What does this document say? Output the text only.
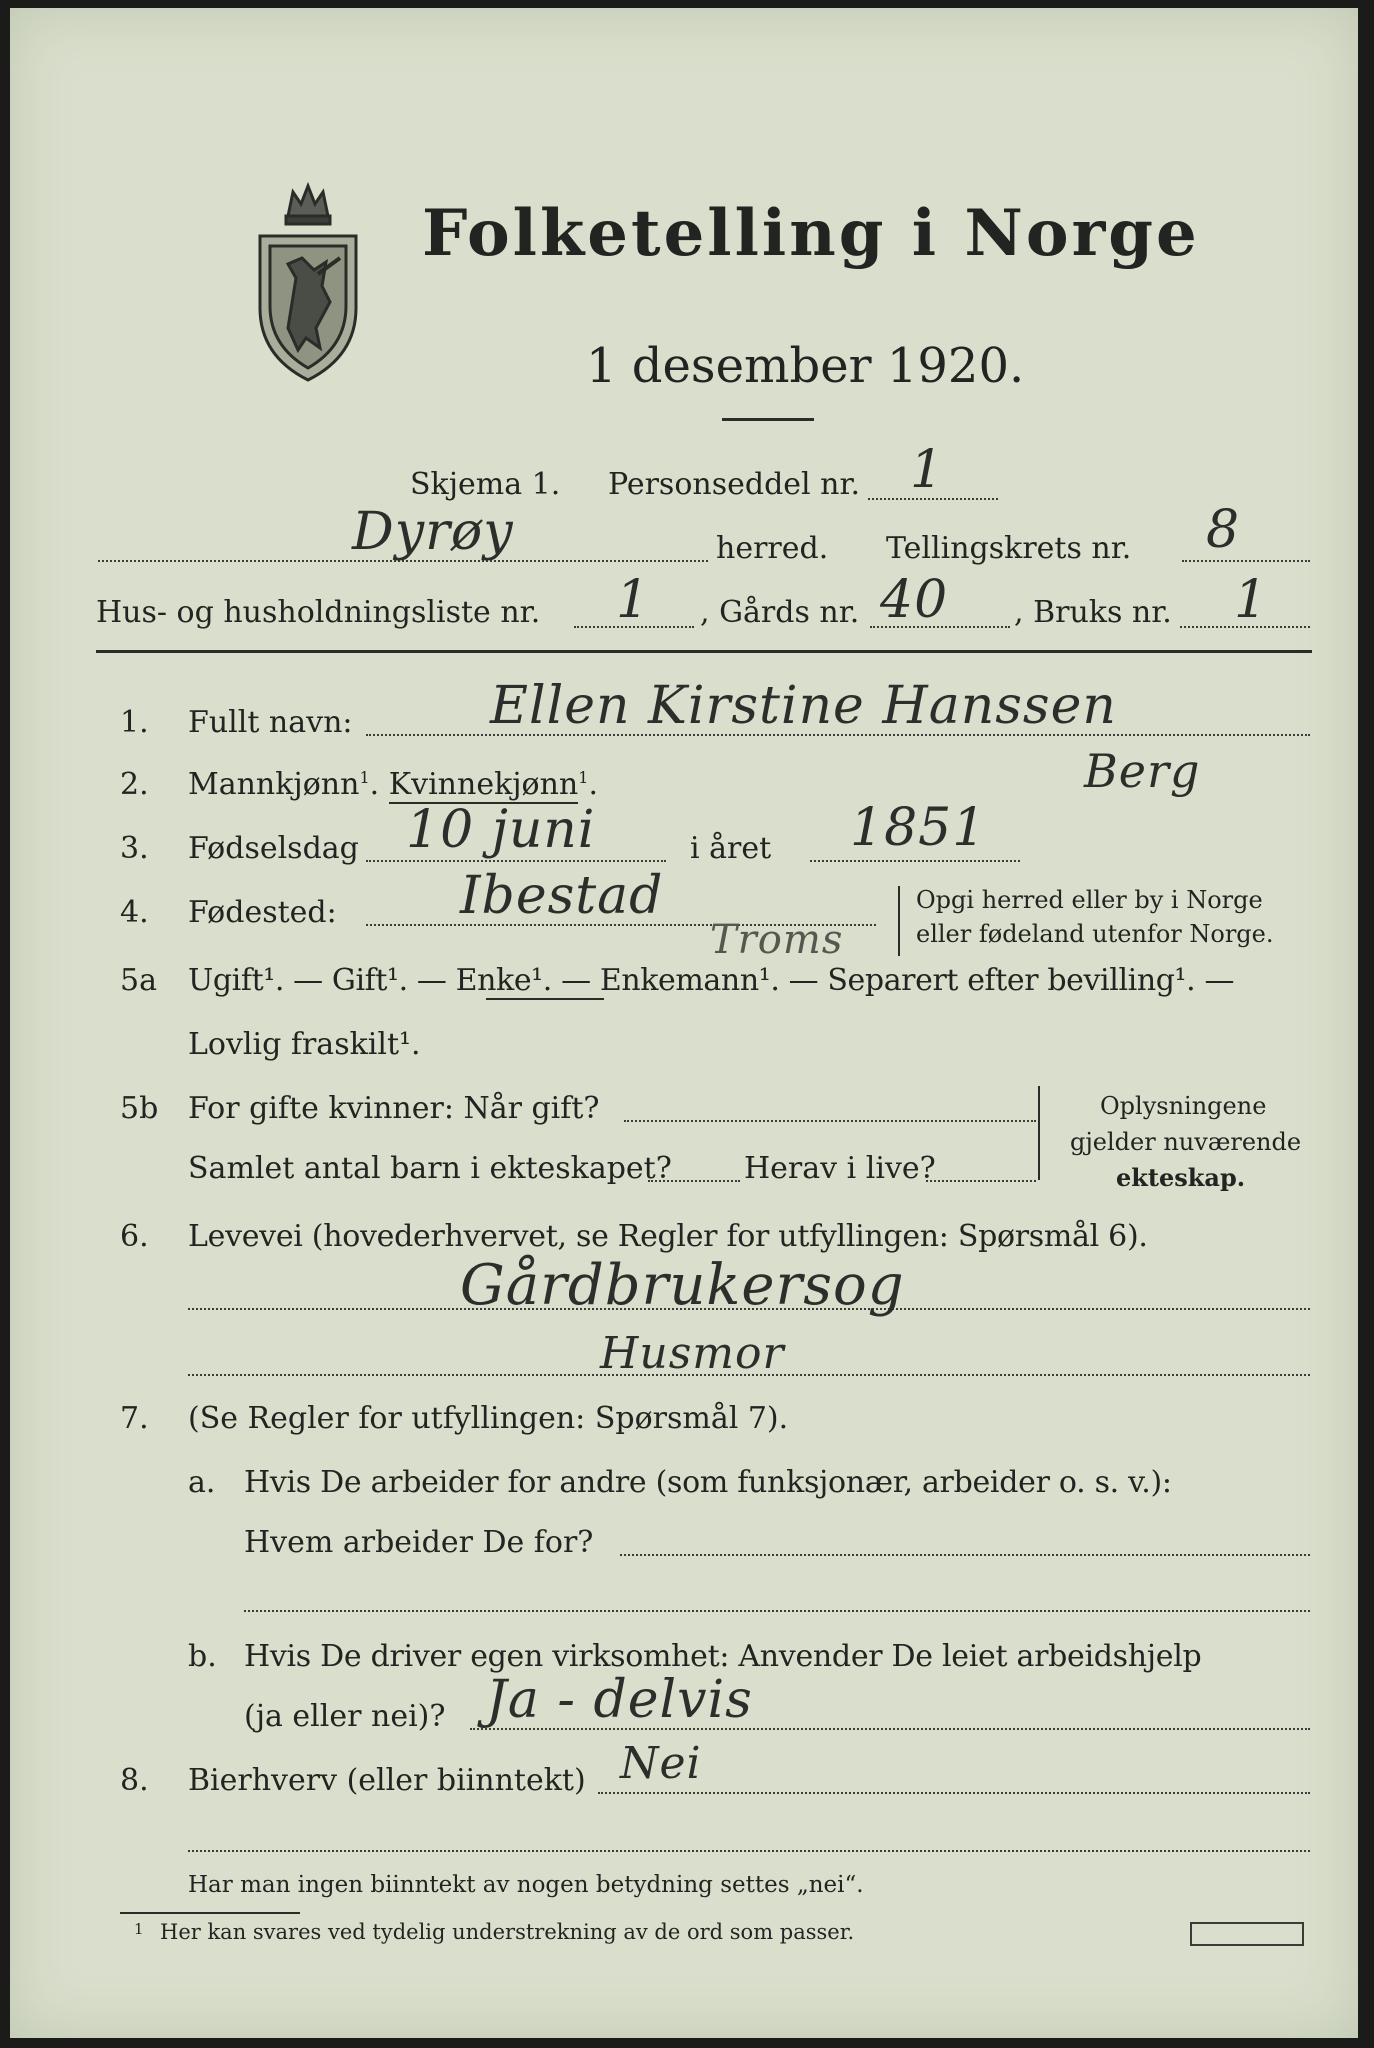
Folketelling i Norge
1 desember 1920.
Skjema 1. Personseddel nr. 1
Dyrøy	herred. Tellingskrets nr. 8
Hus- og husholdningsliste nr. 1 , Gårds nr. 40 , Bruks nr. 1
1. Fullt navn:	Ellen Kirstine Hanssen
Berg
2. Mannkjønn$^1$. Kvinnekjønn$^1$.
3. Fødselsdag 10 juni	i året 1851
4. Fødested: Ibestad
Troms
Opgi herred eller by i Norge
eller fødeland utenfor Norge.
5a Ugift¹. — Gift¹. — Enke¹. — Enkemann¹. — Separert efter bevilling¹. —
Lovlig fraskilt¹.
5b For gifte kvinner: Når gift?
Samlet antal barn i ekteskapet? Herav i live?
Oplysningene
gjelder nuværende
ekteskap.
6. Levevei (hovederhvervet, se Regler for utfyllingen: Spørsmål 6).
Gårdbrukersog
Husmor
7. (Se Regler for utfyllingen: Spørsmål 7).
a. Hvis De arbeider for andre (som funksjonær, arbeider o. s. v.):
Hvem arbeider De for?
b. Hvis De driver egen virksomhet: Anvender De leiet arbeidshjelp
(ja eller nei)? Ja - delvis
8. Bierhverv (eller biinntekt) Nei
Har man ingen biinntekt av nogen betydning settes „nei“.
1 Her kan svares ved tydelig understrekning av de ord som passer.
